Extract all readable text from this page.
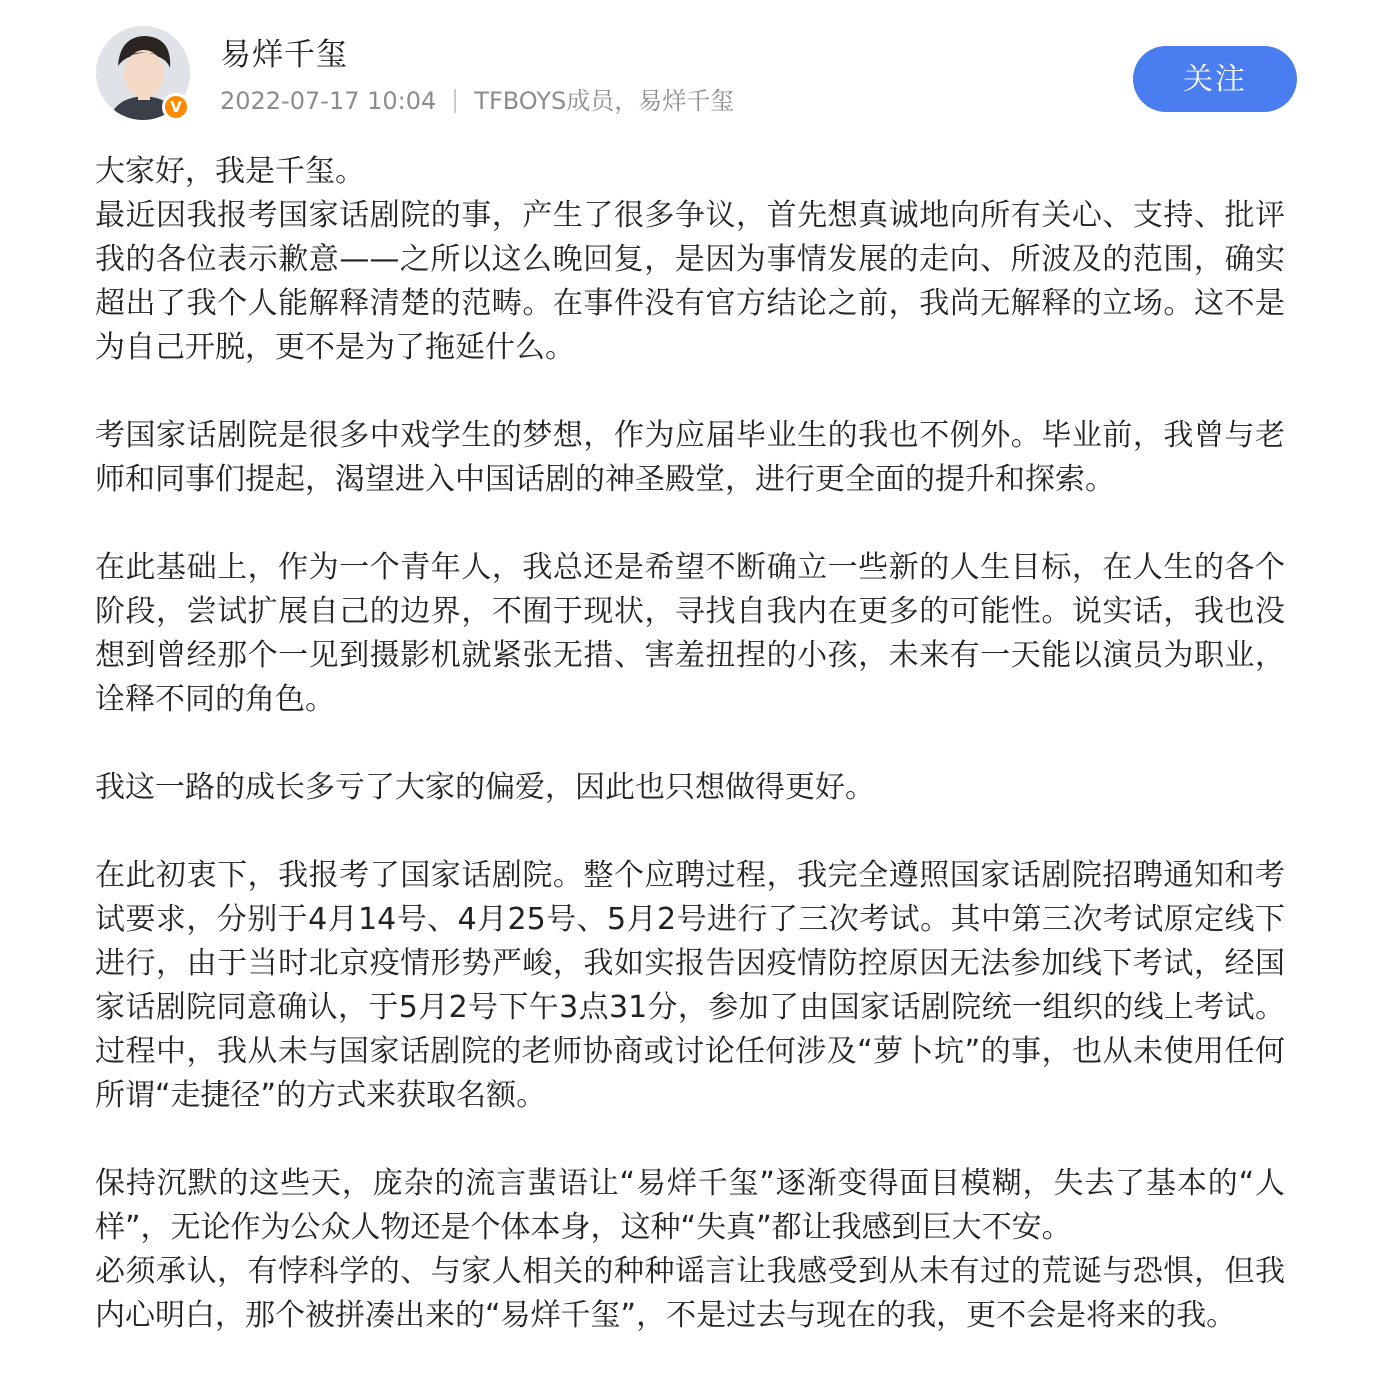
V
易烊千玺
2022-07-17 10:04 TFBOYS成员，易烊千玺
关注

大家好，我是千玺。

最近因我报考国家话剧院的事，产生了很多争议，首先想真诚地向所有关心、支持、批评我的各位表示歉意——之所以这么晚回复，是因为事情发展的走向、所波及的范围，确实超出了我个人能解释清楚的范畴。在事件没有官方结论之前，我尚无解释的立场。这不是为自己开脱，更不是为了拖延什么。

考国家话剧院是很多中戏学生的梦想，作为应届毕业生的我也不例外。毕业前，我曾与老师和同事们提起，渴望进入中国话剧的神圣殿堂，进行更全面的提升和探索。

在此基础上，作为一个青年人，我总还是希望不断确立一些新的人生目标，在人生的各个阶段，尝试扩展自己的边界，不囿于现状，寻找自我内在更多的可能性。说实话，我也没想到曾经那个一见到摄影机就紧张无措、害羞扭捏的小孩，未来有一天能以演员为职业，诠释不同的角色。

我这一路的成长多亏了大家的偏爱，因此也只想做得更好。

在此初衷下，我报考了国家话剧院。整个应聘过程，我完全遵照国家话剧院招聘通知和考试要求，分别于4月14号、4月25号、5月2号进行了三次考试。其中第三次考试原定线下进行，由于当时北京疫情形势严峻，我如实报告因疫情防控原因无法参加线下考试，经国家话剧院同意确认，于5月2号下午3点31分，参加了由国家话剧院统一组织的线上考试。过程中，我从未与国家话剧院的老师协商或讨论任何涉及“萝卜坑”的事，也从未使用任何所谓“走捷径”的方式来获取名额。

保持沉默的这些天，庞杂的流言蜚语让“易烊千玺”逐渐变得面目模糊，失去了基本的“人样”，无论作为公众人物还是个体本身，这种“失真”都让我感到巨大不安。

必须承认，有悖科学的、与家人相关的种种谣言让我感受到从未有过的荒诞与恐惧，但我内心明白，那个被拼凑出来的“易烊千玺”，不是过去与现在的我，更不会是将来的我。
